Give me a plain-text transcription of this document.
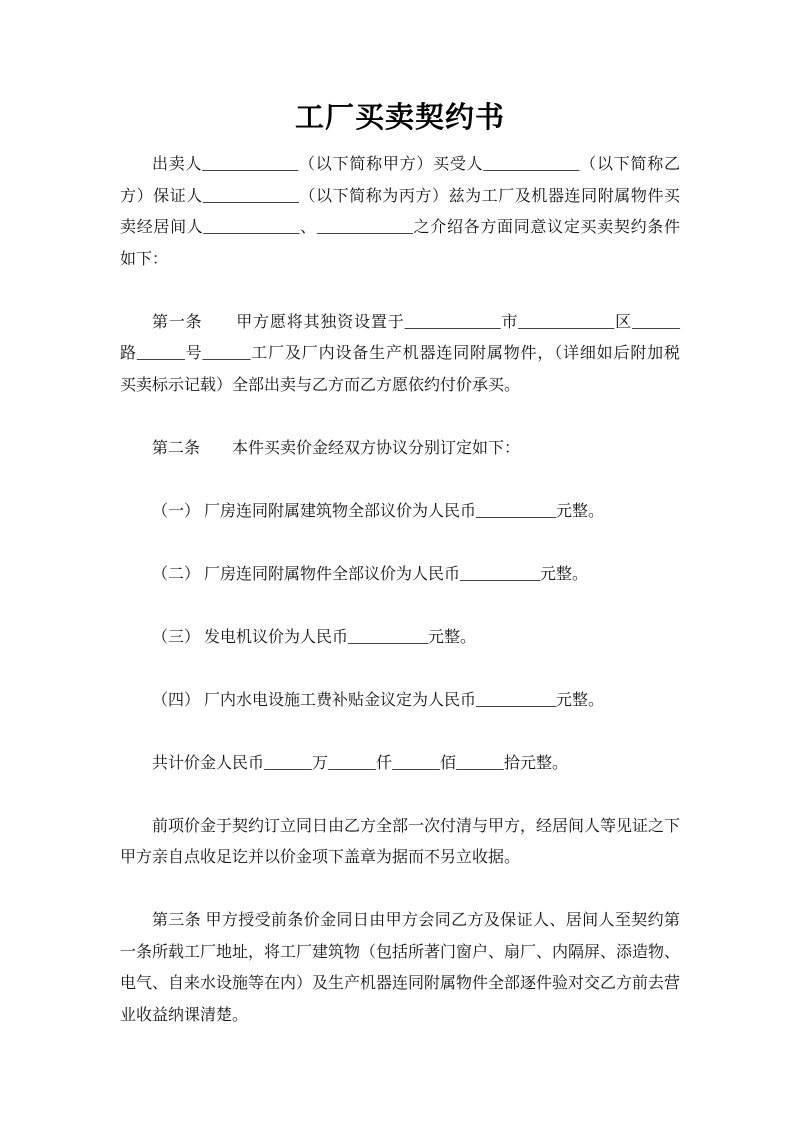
工厂买卖契约书
出卖人____________（以下简称甲方）买受人____________（以下简称乙
方）保证人____________（以下简称为丙方）兹为工厂及机器连同附属物件买
卖经居间人____________、____________之介绍各方面同意议定买卖契约条件
如下：
第一条　　甲方愿将其独资设置于____________市____________区______
路______号______工厂及厂内设备生产机器连同附属物件，（详细如后附加税
买卖标示记载）全部出卖与乙方而乙方愿依约付价承买。
第二条　　本件买卖价金经双方协议分别订定如下：
（一） 厂房连同附属建筑物全部议价为人民币__________元整。
（二） 厂房连同附属物件全部议价为人民币__________元整。
（三） 发电机议价为人民币__________元整。
（四） 厂内水电设施工费补贴金议定为人民币__________元整。
共计价金人民币______万______仟______佰______拾元整。
前项价金于契约订立同日由乙方全部一次付清与甲方，经居间人等见证之下
甲方亲自点收足讫并以价金项下盖章为据而不另立收据。
第三条 甲方授受前条价金同日由甲方会同乙方及保证人、居间人至契约第
一条所载工厂地址，将工厂建筑物（包括所著门窗户、扇厂、内隔屏、添造物、
电气、自来水设施等在内）及生产机器连同附属物件全部逐件验对交乙方前去营
业收益纳课清楚。
